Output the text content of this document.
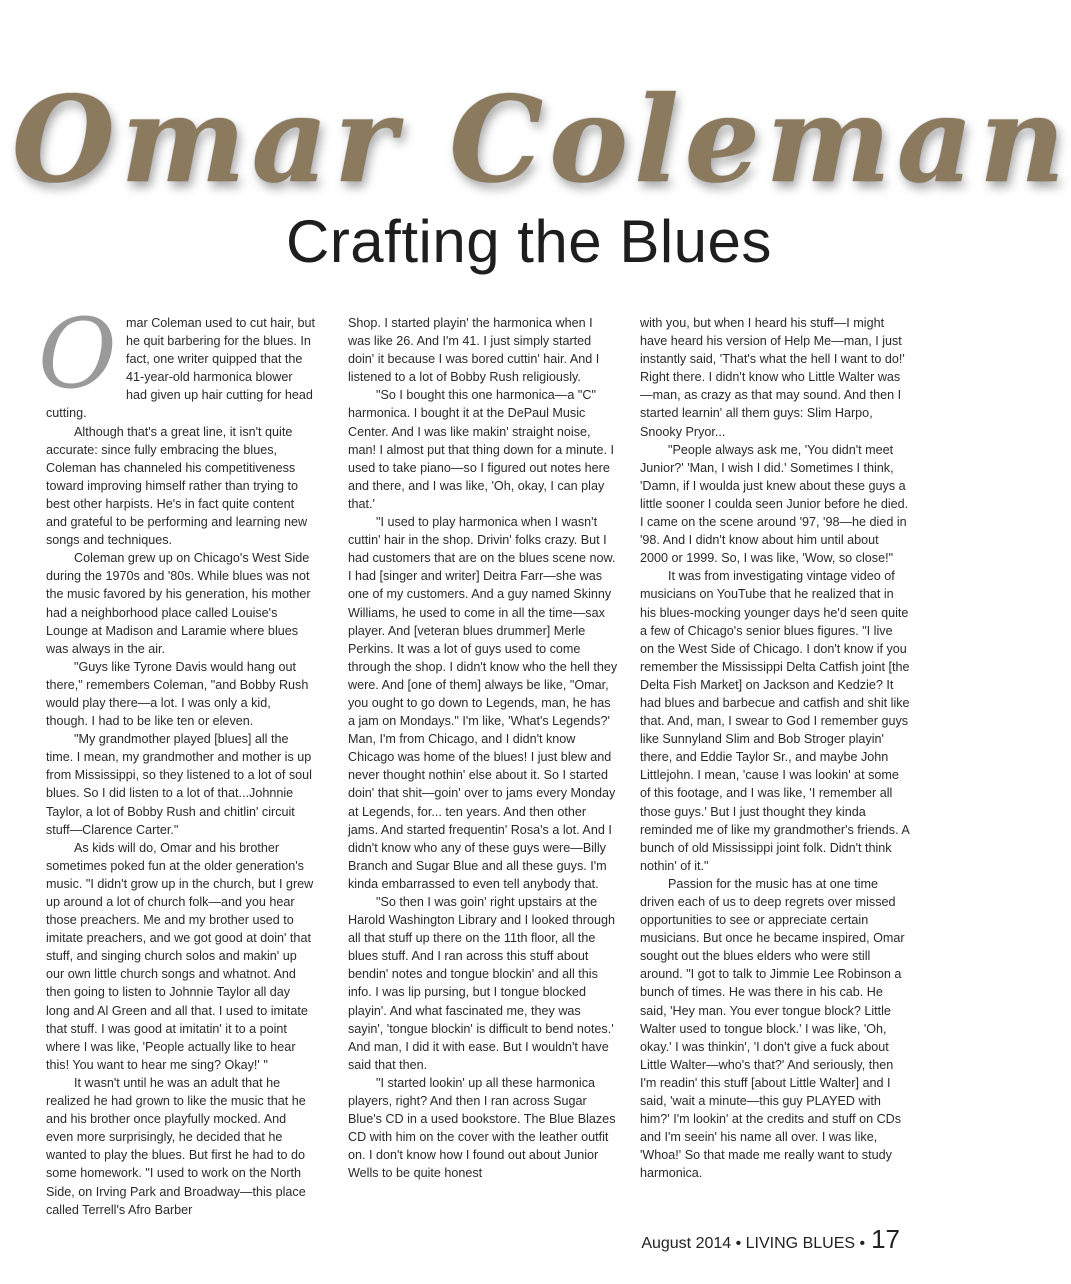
Omar Coleman
Crafting the Blues

Omar Coleman used to cut hair, but he quit barbering for the blues. In fact, one writer quipped that the 41-year-old harmonica blower had given up hair cutting for head cutting.

Although that's a great line, it isn't quite accurate: since fully embracing the blues, Coleman has channeled his competitiveness toward improving himself rather than trying to best other harpists. He's in fact quite content and grateful to be performing and learning new songs and techniques.

Coleman grew up on Chicago's West Side during the 1970s and '80s. While blues was not the music favored by his generation, his mother had a neighborhood place called Louise's Lounge at Madison and Laramie where blues was always in the air.

"Guys like Tyrone Davis would hang out there," remembers Coleman, "and Bobby Rush would play there—a lot. I was only a kid, though. I had to be like ten or eleven.

"My grandmother played [blues] all the time. I mean, my grandmother and mother is up from Mississippi, so they listened to a lot of soul blues. So I did listen to a lot of that...Johnnie Taylor, a lot of Bobby Rush and chitlin' circuit stuff—Clarence Carter."

As kids will do, Omar and his brother sometimes poked fun at the older generation's music. "I didn't grow up in the church, but I grew up around a lot of church folk—and you hear those preachers. Me and my brother used to imitate preachers, and we got good at doin' that stuff, and singing church solos and makin' up our own little church songs and whatnot. And then going to listen to Johnnie Taylor all day long and Al Green and all that. I used to imitate that stuff. I was good at imitatin' it to a point where I was like, 'People actually like to hear this! You want to hear me sing? Okay!' "

It wasn't until he was an adult that he realized he had grown to like the music that he and his brother once playfully mocked. And even more surprisingly, he decided that he wanted to play the blues. But first he had to do some homework. "I used to work on the North Side, on Irving Park and Broadway—this place called Terrell's Afro Barber

Shop. I started playin' the harmonica when I was like 26. And I'm 41. I just simply started doin' it because I was bored cuttin' hair. And I listened to a lot of Bobby Rush religiously.

"So I bought this one harmonica—a "C" harmonica. I bought it at the DePaul Music Center. And I was like makin' straight noise, man! I almost put that thing down for a minute. I used to take piano—so I figured out notes here and there, and I was like, 'Oh, okay, I can play that.'

"I used to play harmonica when I wasn't cuttin' hair in the shop. Drivin' folks crazy. But I had customers that are on the blues scene now. I had [singer and writer] Deitra Farr—she was one of my customers. And a guy named Skinny Williams, he used to come in all the time—sax player. And [veteran blues drummer] Merle Perkins. It was a lot of guys used to come through the shop. I didn't know who the hell they were. And [one of them] always be like, "Omar, you ought to go down to Legends, man, he has a jam on Mondays." I'm like, 'What's Legends?' Man, I'm from Chicago, and I didn't know Chicago was home of the blues! I just blew and never thought nothin' else about it. So I started doin' that shit—goin' over to jams every Monday at Legends, for... ten years. And then other jams. And started frequentin' Rosa's a lot. And I didn't know who any of these guys were—Billy Branch and Sugar Blue and all these guys. I'm kinda embarrassed to even tell anybody that.

"So then I was goin' right upstairs at the Harold Washington Library and I looked through all that stuff up there on the 11th floor, all the blues stuff. And I ran across this stuff about bendin' notes and tongue blockin' and all this info. I was lip pursing, but I tongue blocked playin'. And what fascinated me, they was sayin', 'tongue blockin' is difficult to bend notes.' And man, I did it with ease. But I wouldn't have said that then.

"I started lookin' up all these harmonica players, right? And then I ran across Sugar Blue's CD in a used bookstore. The Blue Blazes CD with him on the cover with the leather outfit on. I don't know how I found out about Junior Wells to be quite honest

with you, but when I heard his stuff—I might have heard his version of Help Me—man, I just instantly said, 'That's what the hell I want to do!' Right there. I didn't know who Little Walter was—man, as crazy as that may sound. And then I started learnin' all them guys: Slim Harpo, Snooky Pryor...

"People always ask me, 'You didn't meet Junior?' 'Man, I wish I did.' Sometimes I think, 'Damn, if I woulda just knew about these guys a little sooner I coulda seen Junior before he died. I came on the scene around '97, '98—he died in '98. And I didn't know about him until about 2000 or 1999. So, I was like, 'Wow, so close!"

It was from investigating vintage video of musicians on YouTube that he realized that in his blues-mocking younger days he'd seen quite a few of Chicago's senior blues figures. "I live on the West Side of Chicago. I don't know if you remember the Mississippi Delta Catfish joint [the Delta Fish Market] on Jackson and Kedzie? It had blues and barbecue and catfish and shit like that. And, man, I swear to God I remember guys like Sunnyland Slim and Bob Stroger playin' there, and Eddie Taylor Sr., and maybe John Littlejohn. I mean, 'cause I was lookin' at some of this footage, and I was like, 'I remember all those guys.' But I just thought they kinda reminded me of like my grandmother's friends. A bunch of old Mississippi joint folk. Didn't think nothin' of it."

Passion for the music has at one time driven each of us to deep regrets over missed opportunities to see or appreciate certain musicians. But once he became inspired, Omar sought out the blues elders who were still around. "I got to talk to Jimmie Lee Robinson a bunch of times. He was there in his cab. He said, 'Hey man. You ever tongue block? Little Walter used to tongue block.' I was like, 'Oh, okay.' I was thinkin', 'I don't give a fuck about Little Walter—who's that?' And seriously, then I'm readin' this stuff [about Little Walter] and I said, 'wait a minute—this guy PLAYED with him?' I'm lookin' at the credits and stuff on CDs and I'm seein' his name all over. I was like, 'Whoa!' So that made me really want to study harmonica.

August 2014 • LIVING BLUES • 17
